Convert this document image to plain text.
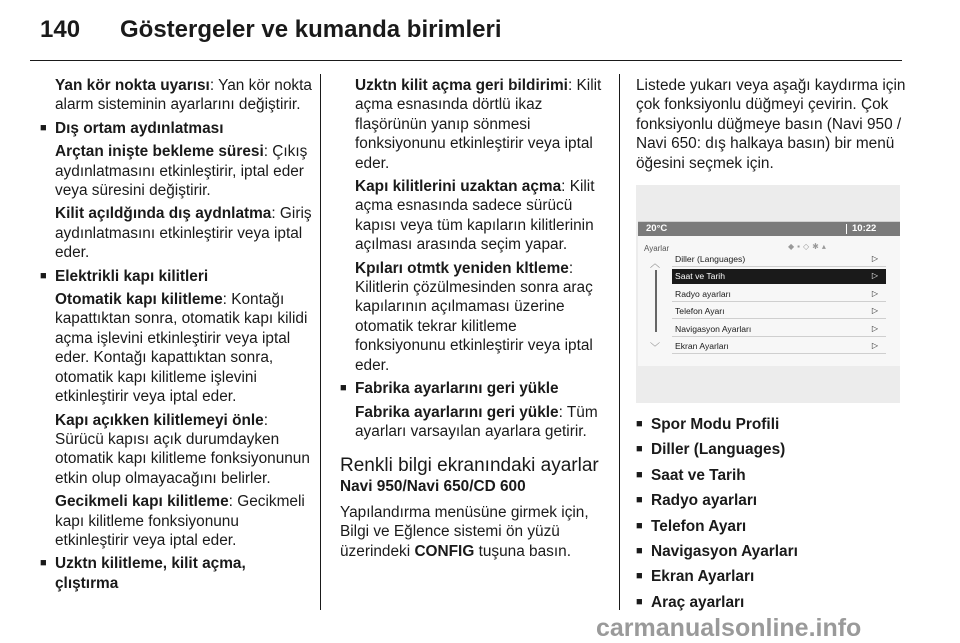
140 Göstergeler ve kumanda birimleri
Yan kör nokta uyarısı: Yan kör nokta alarm sisteminin ayarlarını değiştirir.
■ Dış ortam aydınlatması
Arçtan inişte bekleme süresi: Çıkış aydınlatmasını etkinleştirir, iptal eder veya süresini değiştirir.
Kilit açıldğında dış aydnlatma: Giriş aydınlatmasını etkinleştirir veya iptal eder.
■ Elektrikli kapı kilitleri
Otomatik kapı kilitleme: Kontağı kapattıktan sonra, otomatik kapı kilidi açma işlevini etkinleştirir veya iptal eder. Kontağı kapattıktan sonra, otomatik kapı kilitleme işlevini etkinleştirir veya iptal eder.
Kapı açıkken kilitlemeyi önle: Sürücü kapısı açık durumdayken otomatik kapı kilitleme fonksiyonunun etkin olup olmayacağını belirler.
Gecikmeli kapı kilitleme: Gecikmeli kapı kilitleme fonksiyonunu etkinleştirir veya iptal eder.
■ Uzktn kilitleme, kilit açma, çlıştırma
Uzktn kilit açma geri bildirimi: Kilit açma esnasında dörtlü ikaz flaşörünün yanıp sönmesi fonksiyonunu etkinleştirir veya iptal eder.
Kapı kilitlerini uzaktan açma: Kilit açma esnasında sadece sürücü kapısı veya tüm kapıların kilitlerinin açılması arasında seçim yapar.
Kpıları otmtk yeniden kltleme: Kilitlerin çözülmesinden sonra araç kapılarının açılmaması üzerine otomatik tekrar kilitleme fonksiyonunu etkinleştirir veya iptal eder.
■ Fabrika ayarlarını geri yükle
Fabrika ayarlarını geri yükle: Tüm ayarları varsayılan ayarlara getirir.
Renkli bilgi ekranındaki ayarlar
Navi 950/Navi 650/CD 600
Yapılandırma menüsüne girmek için, Bilgi ve Eğlence sistemi ön yüzü üzerindeki CONFIG tuşuna basın.
Listede yukarı veya aşağı kaydırma için çok fonksiyonlu düğmeyi çevirin. Çok fonksiyonlu düğmeye basın (Navi 950 / Navi 650: dış halkaya basın) bir menü öğesini seçmek için.
20°C	10:22
Ayarlar	◆▪◇✱▴
︿
﹀
Diller (Languages)	▷
Saat ve Tarih	▷
Radyo ayarları	▷
Telefon Ayarı	▷
Navigasyon Ayarları	▷
Ekran Ayarları	▷
■ Spor Modu Profili
■ Diller (Languages)
■ Saat ve Tarih
■ Radyo ayarları
■ Telefon Ayarı
■ Navigasyon Ayarları
■ Ekran Ayarları
■ Araç ayarları
carmanualsonline.info
